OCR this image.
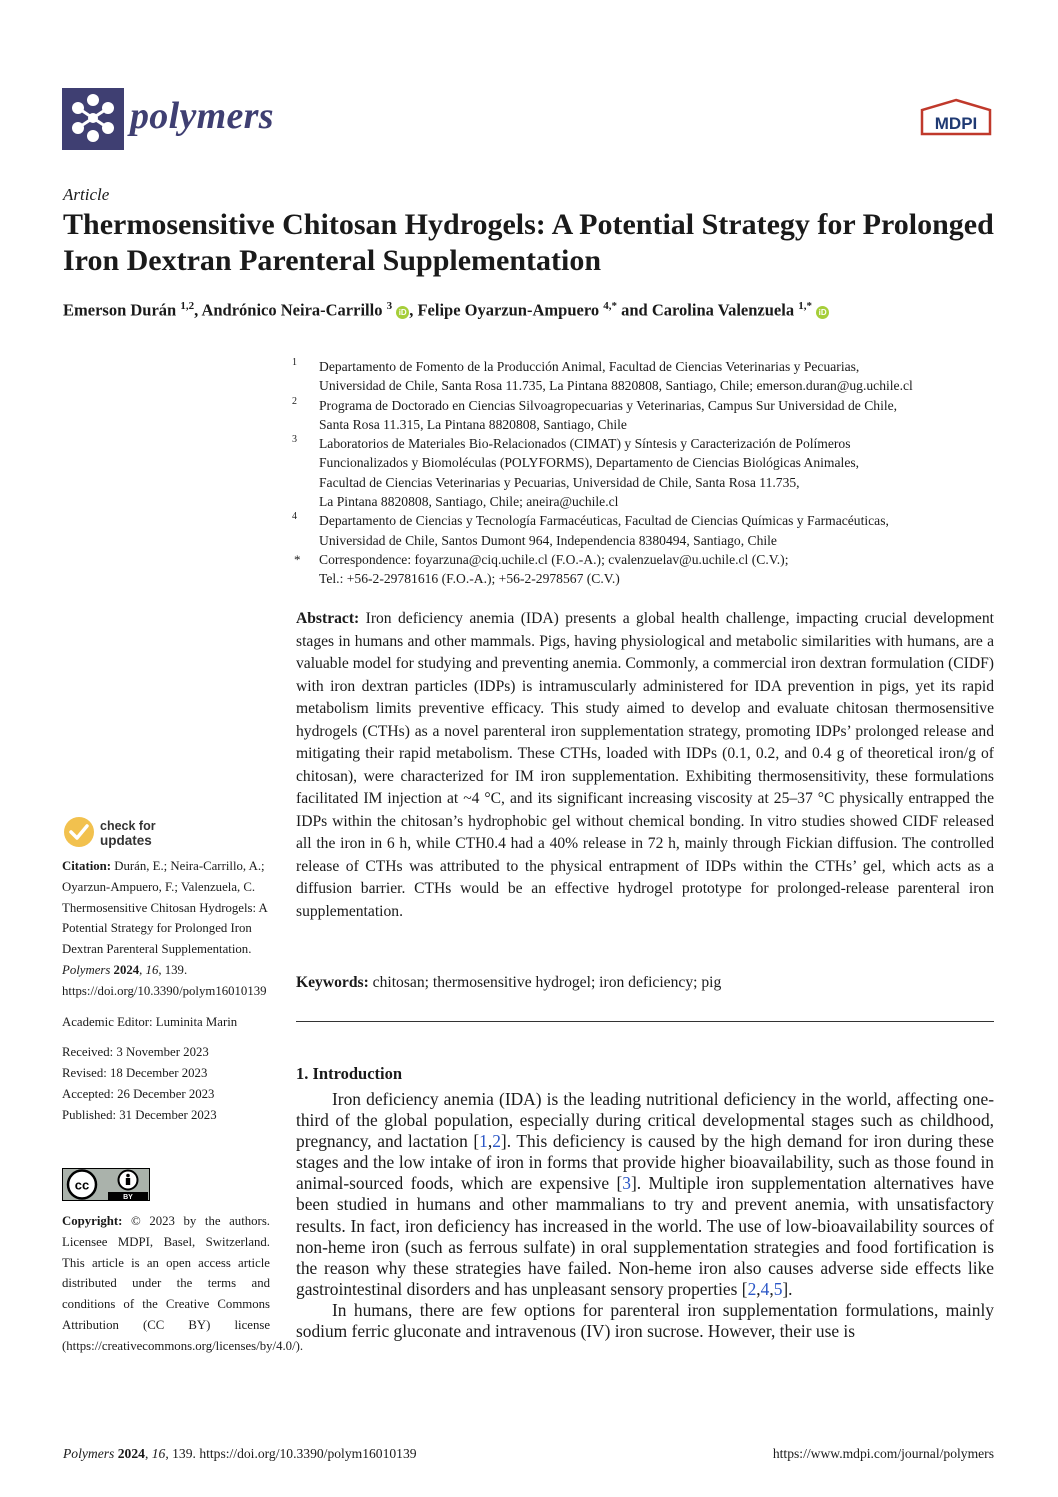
polymers	MDPI
Article
Thermosensitive Chitosan Hydrogels: A Potential Strategy for Prolonged Iron Dextran Parenteral Supplementation
Emerson Durán $^{1,2}$, Andrónico Neira-Carrillo $^3$ iD , Felipe Oyarzun-Ampuero $^{4,*}$ and Carolina Valenzuela $^{1,*}$ iD
1 Departamento de Fomento de la Producción Animal, Facultad de Ciencias Veterinarias y Pecuarias,
Universidad de Chile, Santa Rosa 11.735, La Pintana 8820808, Santiago, Chile; emerson.duran@ug.uchile.cl
2 Programa de Doctorado en Ciencias Silvoagropecuarias y Veterinarias, Campus Sur Universidad de Chile,
Santa Rosa 11.315, La Pintana 8820808, Santiago, Chile
3 Laboratorios de Materiales Bio-Relacionados (CIMAT) y Síntesis y Caracterización de Polímeros
Funcionalizados y Biomoléculas (POLYFORMS), Departamento de Ciencias Biológicas Animales,
Facultad de Ciencias Veterinarias y Pecuarias, Universidad de Chile, Santa Rosa 11.735,
La Pintana 8820808, Santiago, Chile; aneira@uchile.cl
4 Departamento de Ciencias y Tecnología Farmacéuticas, Facultad de Ciencias Químicas y Farmacéuticas,
Universidad de Chile, Santos Dumont 964, Independencia 8380494, Santiago, Chile
* Correspondence: foyarzuna@ciq.uchile.cl (F.O.-A.); cvalenzuelav@u.uchile.cl (C.V.);
Tel.: +56-2-29781616 (F.O.-A.); +56-2-2978567 (C.V.)
Abstract: Iron deficiency anemia (IDA) presents a global health challenge, impacting crucial development stages in humans and other mammals. Pigs, having physiological and metabolic similarities with humans, are a valuable model for studying and preventing anemia. Commonly, a commercial iron dextran formulation (CIDF) with iron dextran particles (IDPs) is intramuscularly administered for IDA prevention in pigs, yet its rapid metabolism limits preventive efficacy. This study aimed to develop and evaluate chitosan thermosensitive hydrogels (CTHs) as a novel parenteral iron supplementation strategy, promoting IDPs’ prolonged release and mitigating their rapid metabolism. These CTHs, loaded with IDPs (0.1, 0.2, and 0.4 g of theoretical iron/g of chitosan), were characterized for IM iron supplementation. Exhibiting thermosensitivity, these formulations facilitated IM injection at ~4 °C, and its significant increasing viscosity at 25–37 °C physically entrapped the IDPs within the chitosan’s hydrophobic gel without chemical bonding. In vitro studies showed CIDF released all the iron in 6 h, while CTH0.4 had a 40% release in 72 h, mainly through Fickian diffusion. The controlled release of CTHs was attributed to the physical entrapment of IDPs within the CTHs’ gel, which acts as a diffusion barrier. CTHs would be an effective hydrogel prototype for prolonged-release parenteral iron supplementation.
Keywords: chitosan; thermosensitive hydrogel; iron deficiency; pig
1. Introduction

Iron deficiency anemia (IDA) is the leading nutritional deficiency in the world, affecting one-third of the global population, especially during critical developmental stages such as childhood, pregnancy, and lactation [1,2]. This deficiency is caused by the high demand for iron during these stages and the low intake of iron in forms that provide higher bioavailability, such as those found in animal-sourced foods, which are expensive [3]. Multiple iron supplementation alternatives have been studied in humans and other mammalians to try and prevent anemia, with unsatisfactory results. In fact, iron deficiency has increased in the world. The use of low-bioavailability sources of non-heme iron (such as ferrous sulfate) in oral supplementation strategies and food fortification is the reason why these strategies have failed. Non-heme iron also causes adverse side effects like gastrointestinal disorders and has unpleasant sensory properties [2,4,5].

In humans, there are few options for parenteral iron supplementation formulations, mainly sodium ferric gluconate and intravenous (IV) iron sucrose. However, their use is

check for
updates

Citation: Durán, E.; Neira-Carrillo, A.; Oyarzun-Ampuero, F.; Valenzuela, C. Thermosensitive Chitosan Hydrogels: A Potential Strategy for Prolonged Iron Dextran Parenteral Supplementation. Polymers 2024, 16, 139. https://doi.org/10.3390/polym16010139

Academic Editor: Luminita Marin

Received: 3 November 2023
Revised: 18 December 2023
Accepted: 26 December 2023
Published: 31 December 2023

cc
BY
Copyright: © 2023 by the authors. Licensee MDPI, Basel, Switzerland. This article is an open access article distributed under the terms and conditions of the Creative Commons Attribution (CC BY) license (https://creativecommons.org/licenses/by/4.0/).
Polymers 2024, 16, 139. https://doi.org/10.3390/polym16010139	https://www.mdpi.com/journal/polymers
